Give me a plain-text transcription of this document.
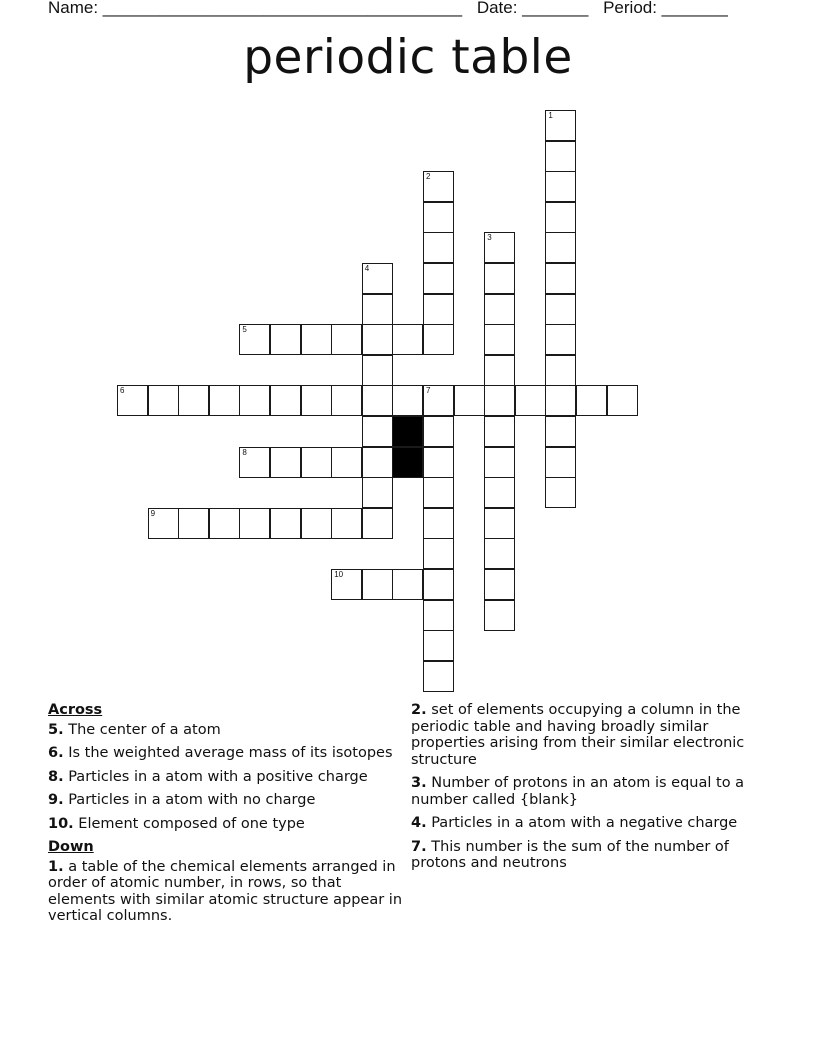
Name: ______________________________________ Date: _______ Period: _______
periodic table
1
2
3
4
5
6	7
8
9
10
Across
5. The center of a atom
6. Is the weighted average mass of its isotopes
8. Particles in a atom with a positive charge
9. Particles in a atom with no charge
10. Element composed of one type
Down
1. a table of the chemical elements arranged in order of atomic number, in rows, so that elements with similar atomic structure appear in vertical columns.
2. set of elements occupying a column in the periodic table and having broadly similar properties arising from their similar electronic structure
3. Number of protons in an atom is equal to a number called {blank}
4. Particles in a atom with a negative charge
7. This number is the sum of the number of protons and neutrons
